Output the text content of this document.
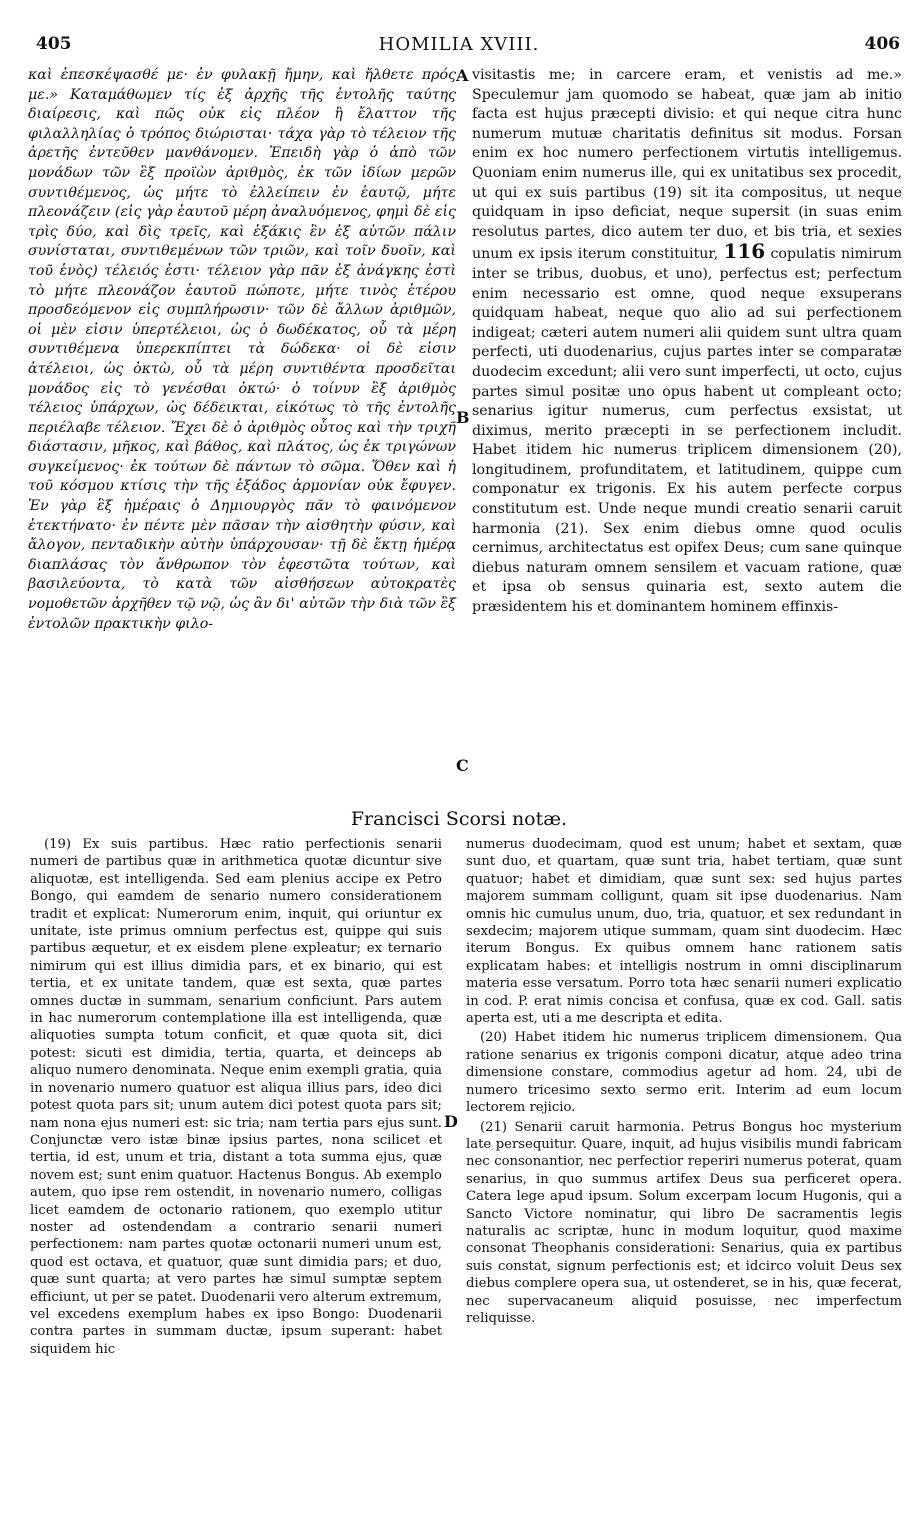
405	HOMILIA XVIII.	406

καὶ ἐπεσκέψασθέ με· ἐν φυλακῇ ἤμην, καὶ ἤλθετε πρός με.» Καταμάθωμεν τίς ἐξ ἀρχῆς τῆς ἐντολῆς ταύτης διαίρεσις, καὶ πῶς οὐκ εἰς πλέον ἢ ἔλαττον τῆς φιλαλληλίας ὁ τρόπος διώρισται· τάχα γὰρ τὸ τέλειον τῆς ἀρετῆς ἐντεῦθεν μανθάνομεν. Ἐπειδὴ γὰρ ὁ ἀπὸ τῶν μονάδων τῶν ἓξ προϊὼν ἀριθμὸς, ἐκ τῶν ἰδίων μερῶν συντιθέμενος, ὡς μήτε τὸ ἐλλείπειν ἐν ἑαυτῷ, μήτε πλεονάζειν (εἰς γὰρ ἑαυτοῦ μέρη ἀναλυόμενος, φημὶ δὲ εἰς τρὶς δύο, καὶ δὶς τρεῖς, καὶ ἑξάκις ἓν ἐξ αὐτῶν πάλιν συνίσταται, συντιθεμένων τῶν τριῶν, καὶ τοῖν δυοῖν, καὶ τοῦ ἑνὸς) τέλειός ἐστι· τέλειον γὰρ πᾶν ἐξ ἀνάγκης ἐστὶ τὸ μήτε πλεονάζον ἑαυτοῦ πώποτε, μήτε τινὸς ἑτέρου προσδεόμενον εἰς συμπλήρωσιν· τῶν δὲ ἄλλων ἀριθμῶν, οἱ μὲν εἰσιν ὑπερτέλειοι, ὡς ὁ δωδέκατος, οὗ τὰ μέρη συντιθέμενα ὑπερεκπίπτει τὰ δώδεκα· οἱ δὲ εἰσιν ἀτέλειοι, ὡς ὀκτὼ, οὗ τὰ μέρη συντιθέντα προσδεῖται μονάδος εἰς τὸ γενέσθαι ὀκτώ· ὁ τοίνυν ἓξ ἀριθμὸς τέλειος ὑπάρχων, ὡς δέδεικται, εἰκότως τὸ τῆς ἐντολῆς περιέλαβε τέλειον. Ἔχει δὲ ὁ ἀριθμὸς οὗτος καὶ τὴν τριχῆ διάστασιν, μῆκος, καὶ βάθος, καὶ πλάτος, ὡς ἐκ τριγώνων συγκείμενος· ἐκ τούτων δὲ πάντων τὸ σῶμα. Ὅθεν καὶ ἡ τοῦ κόσμου κτίσις τὴν τῆς ἑξάδος ἁρμονίαν οὐκ ἔφυγεν. Ἐν γὰρ ἓξ ἡμέραις ὁ Δημιουργὸς πᾶν τὸ φαινόμενον ἐτεκτήνατο· ἐν πέντε μὲν πᾶσαν τὴν αἰσθητὴν φύσιν, καὶ ἄλογον, πενταδικὴν αὐτὴν ὑπάρχουσαν· τῇ δὲ ἕκτῃ ἡμέρᾳ διαπλάσας τὸν ἄνθρωπον τὸν ἐφεστῶτα τούτων, καὶ βασιλεύοντα, τὸ κατὰ τῶν αἰσθήσεων αὐτοκρατὲς νομοθετῶν ἀρχῆθεν τῷ νῷ, ὡς ἂν δι' αὐτῶν τὴν διὰ τῶν ἓξ ἐντολῶν πρακτικὴν φιλο-

A
B
C

visitastis me; in carcere eram, et venistis ad me.» Speculemur jam quomodo se habeat, quæ jam ab initio facta est hujus præcepti divisio: et qui neque citra hunc numerum mutuæ charitatis definitus sit modus. Forsan enim ex hoc numero perfectionem virtutis intelligemus. Quoniam enim numerus ille, qui ex unitatibus sex procedit, ut qui ex suis partibus (19) sit ita compositus, ut neque quidquam in ipso deficiat, neque supersit (in suas enim resolutus partes, dico autem ter duo, et bis tria, et sexies unum ex ipsis iterum constituitur, 116 copulatis nimirum inter se tribus, duobus, et uno), perfectus est; perfectum enim necessario est omne, quod neque exsuperans quidquam habeat, neque quo alio ad sui perfectionem indigeat; cæteri autem numeri alii quidem sunt ultra quam perfecti, uti duodenarius, cujus partes inter se comparatæ duodecim excedunt; alii vero sunt imperfecti, ut octo, cujus partes simul positæ uno opus habent ut compleant octo; senarius igitur numerus, cum perfectus exsistat, ut diximus, merito præcepti in se perfectionem includit. Habet itidem hic numerus triplicem dimensionem (20), longitudinem, profunditatem, et latitudinem, quippe cum componatur ex trigonis. Ex his autem perfecte corpus constitutum est. Unde neque mundi creatio senarii caruit harmonia (21). Sex enim diebus omne quod oculis cernimus, architectatus est opifex Deus; cum sane quinque diebus naturam omnem sensilem et vacuam ratione, quæ et ipsa ob sensus quinaria est, sexto autem die præsidentem his et dominantem hominem effinxis-

Francisci Scorsi notæ.

(19) Ex suis partibus. Hæc ratio perfectionis senarii numeri de partibus quæ in arithmetica quotæ dicuntur sive aliquotæ, est intelligenda. Sed eam plenius accipe ex Petro Bongo, qui eamdem de senario numero considerationem tradit et explicat: Numerorum enim, inquit, qui oriuntur ex unitate, iste primus omnium perfectus est, quippe qui suis partibus æquetur, et ex eisdem plene expleatur; ex ternario nimirum qui est illius dimidia pars, et ex binario, qui est tertia, et ex unitate tandem, quæ est sexta, quæ partes omnes ductæ in summam, senarium conficiunt. Pars autem in hac numerorum contemplatione illa est intelligenda, quæ aliquoties sumpta totum conficit, et quæ quota sit, dici potest: sicuti est dimidia, tertia, quarta, et deinceps ab aliquo numero denominata. Neque enim exempli gratia, quia in novenario numero quatuor est aliqua illius pars, ideo dici potest quota pars sit; unum autem dici potest quota pars sit; nam nona ejus numeri est: sic tria; nam tertia pars ejus sunt. Conjunctæ vero istæ binæ ipsius partes, nona scilicet et tertia, id est, unum et tria, distant a tota summa ejus, quæ novem est; sunt enim quatuor. Hactenus Bongus. Ab exemplo autem, quo ipse rem ostendit, in novenario numero, colligas licet eamdem de octonario rationem, quo exemplo utitur noster ad ostendendam a contrario senarii numeri perfectionem: nam partes quotæ octonarii numeri unum est, quod est octava, et quatuor, quæ sunt dimidia pars; et duo, quæ sunt quarta; at vero partes hæ simul sumptæ septem efficiunt, ut per se patet. Duodenarii vero alterum extremum, vel excedens exemplum habes ex ipso Bongo: Duodenarii contra partes in summam ductæ, ipsum superant: habet siquidem hic

D

numerus duodecimam, quod est unum; habet et sextam, quæ sunt duo, et quartam, quæ sunt tria, habet tertiam, quæ sunt quatuor; habet et dimidiam, quæ sunt sex: sed hujus partes majorem summam colligunt, quam sit ipse duodenarius. Nam omnis hic cumulus unum, duo, tria, quatuor, et sex redundant in sexdecim; majorem utique summam, quam sint duodecim. Hæc iterum Bongus. Ex quibus omnem hanc rationem satis explicatam habes: et intelligis nostrum in omni disciplinarum materia esse versatum. Porro tota hæc senarii numeri explicatio in cod. P. erat nimis concisa et confusa, quæ ex cod. Gall. satis aperta est, uti a me descripta et edita.

(20) Habet itidem hic numerus triplicem dimensionem. Qua ratione senarius ex trigonis componi dicatur, atque adeo trina dimensione constare, commodius agetur ad hom. 24, ubi de numero tricesimo sexto sermo erit. Interim ad eum locum lectorem rejicio.

(21) Senarii caruit harmonia. Petrus Bongus hoc mysterium late persequitur. Quare, inquit, ad hujus visibilis mundi fabricam nec consonantior, nec perfectior reperiri numerus poterat, quam senarius, in quo summus artifex Deus sua perficeret opera. Catera lege apud ipsum. Solum excerpam locum Hugonis, qui a Sancto Victore nominatur, qui libro De sacramentis legis naturalis ac scriptæ, hunc in modum loquitur, quod maxime consonat Theophanis considerationi: Senarius, quia ex partibus suis constat, signum perfectionis est; et idcirco voluit Deus sex diebus complere opera sua, ut ostenderet, se in his, quæ fecerat, nec supervacaneum aliquid posuisse, nec imperfectum reliquisse.
